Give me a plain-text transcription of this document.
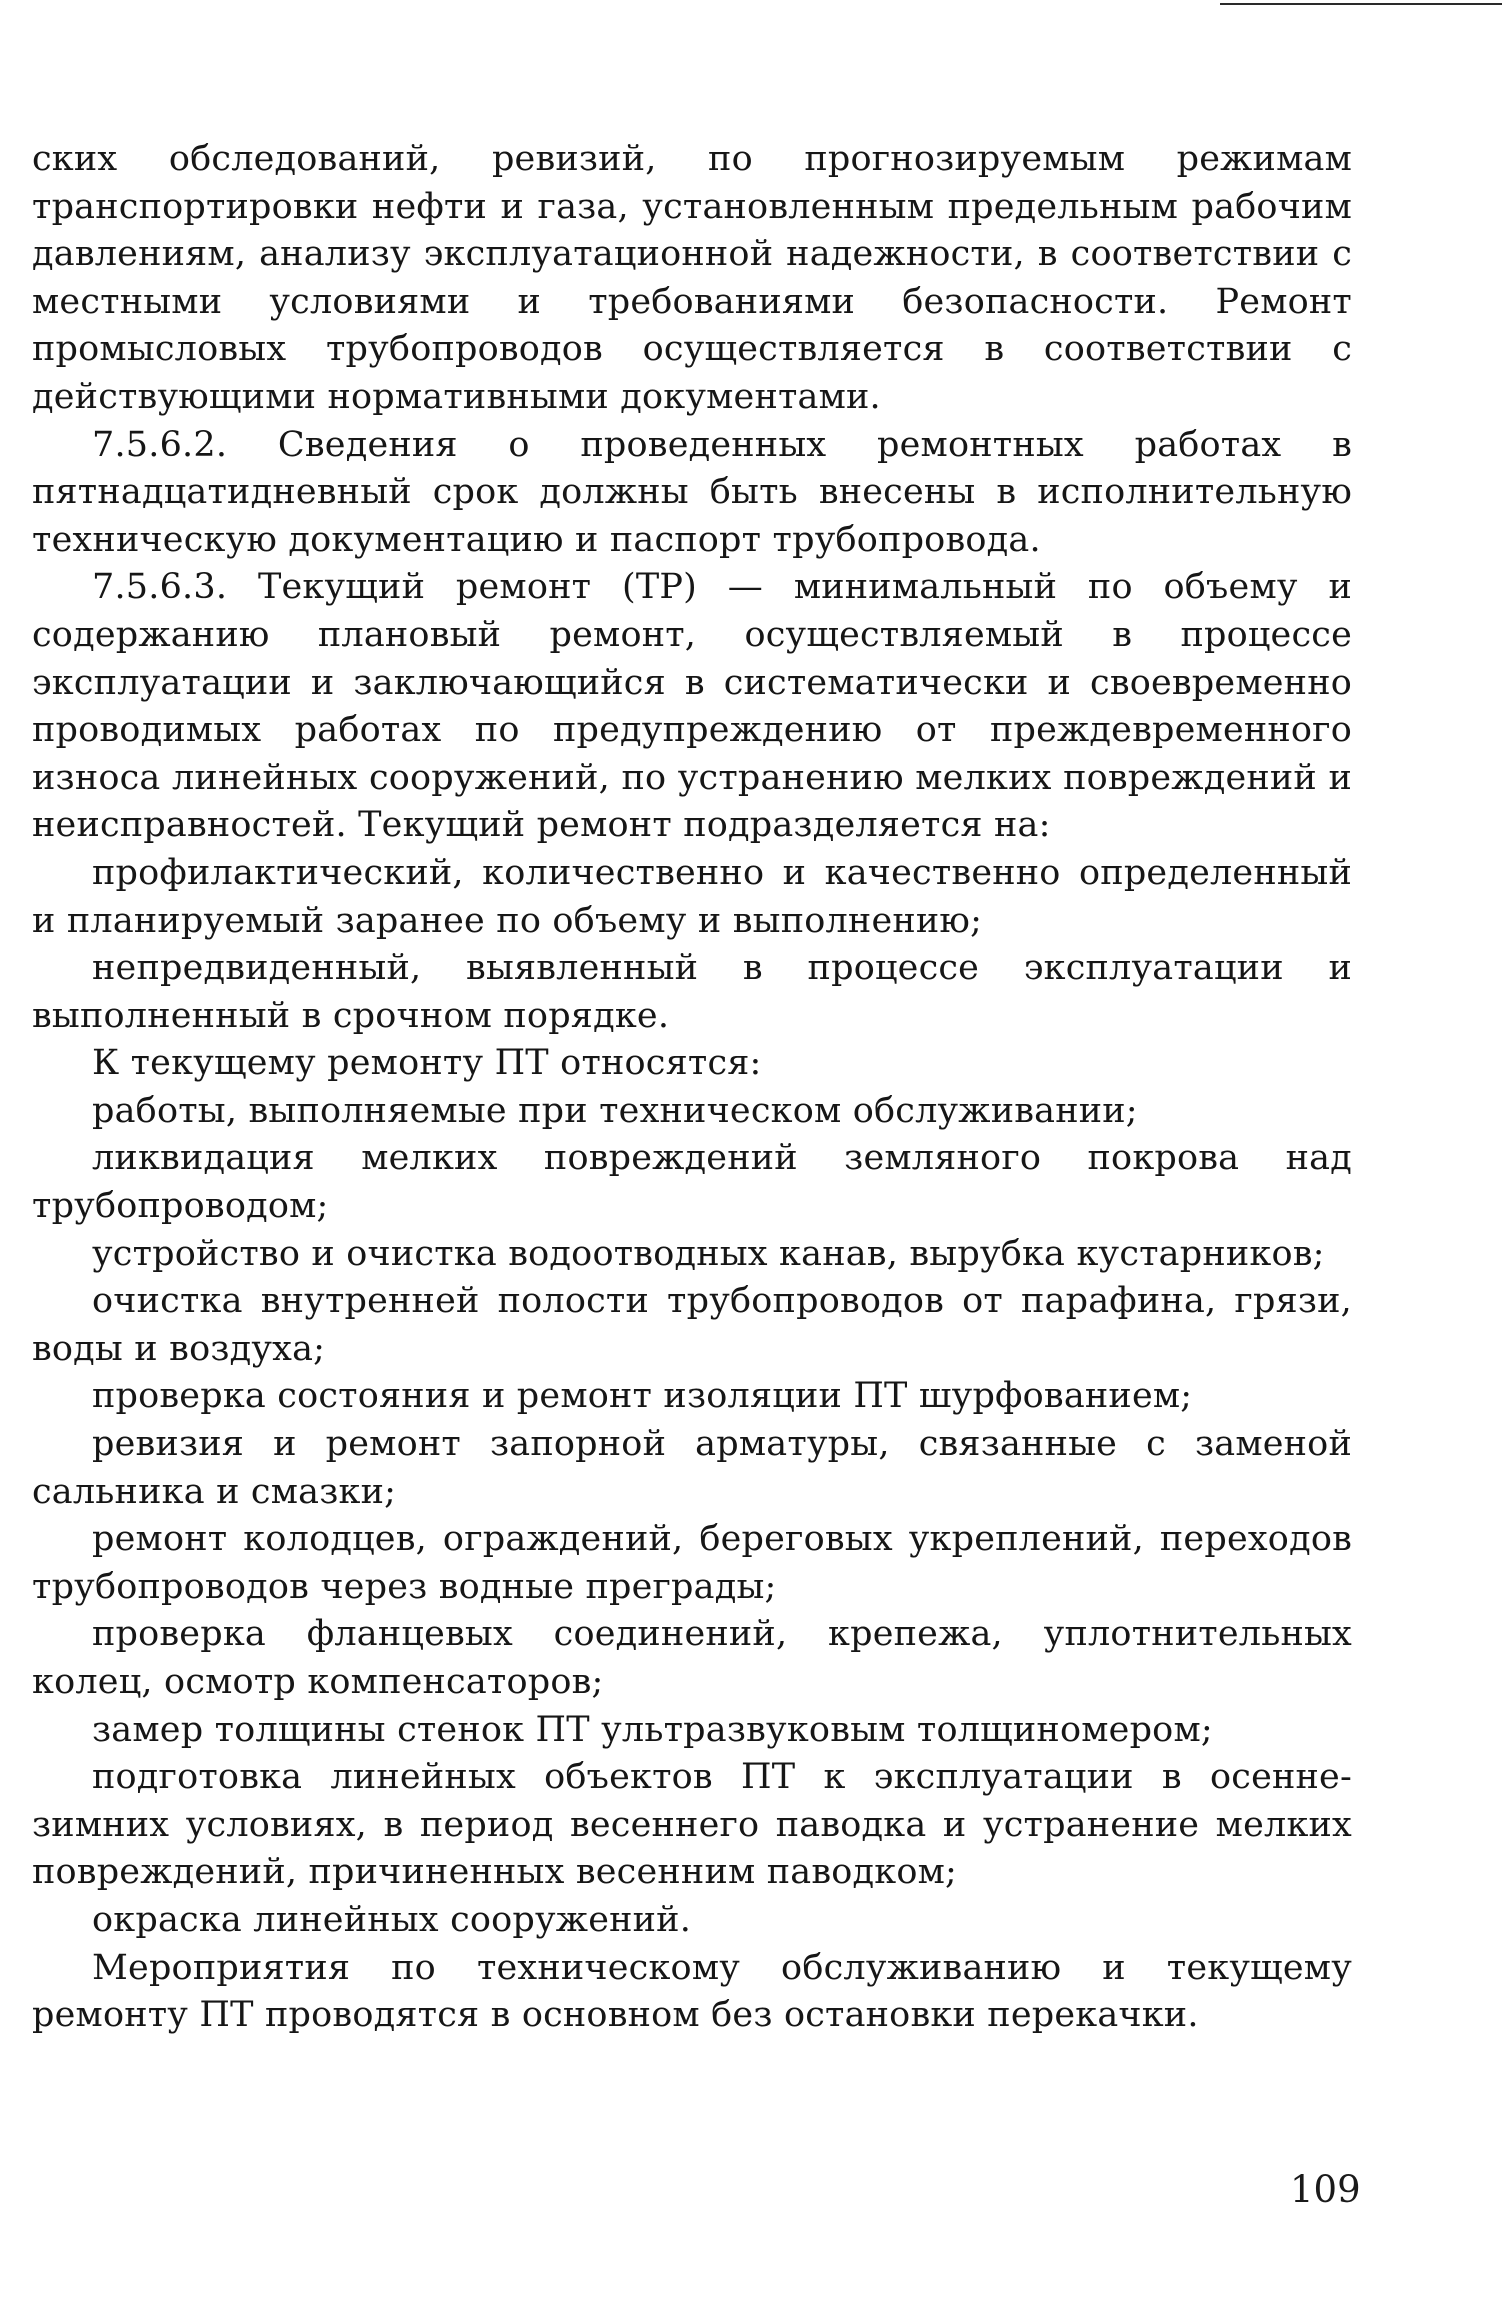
ских обследований, ревизий, по прогнозируемым режимам транспортировки нефти и газа, установленным предельным рабочим давлениям, анализу эксплуатационной надежности, в соответствии с местными условиями и требованиями безопасности. Ремонт промысловых трубопроводов осуществляется в соответствии с действующими нормативными документами.

7.5.6.2. Сведения о проведенных ремонтных работах в пятнадцатидневный срок должны быть внесены в исполнительную техническую документацию и паспорт трубопровода.

7.5.6.3. Текущий ремонт (ТР) — минимальный по объему и содержанию плановый ремонт, осуществляемый в процессе эксплуатации и заключающийся в систематически и своевременно проводимых работах по предупреждению от преждевременного износа линейных сооружений, по устранению мелких повреждений и неисправностей. Текущий ремонт подразделяется на:

профилактический, количественно и качественно определенный и планируемый заранее по объему и выполнению;

непредвиденный, выявленный в процессе эксплуатации и выполненный в срочном порядке.

К текущему ремонту ПТ относятся:

работы, выполняемые при техническом обслуживании;

ликвидация мелких повреждений земляного покрова над трубопроводом;

устройство и очистка водоотводных канав, вырубка кустарников;

очистка внутренней полости трубопроводов от парафина, грязи, воды и воздуха;

проверка состояния и ремонт изоляции ПТ шурфованием;

ревизия и ремонт запорной арматуры, связанные с заменой сальника и смазки;

ремонт колодцев, ограждений, береговых укреплений, переходов трубопроводов через водные преграды;

проверка фланцевых соединений, крепежа, уплотнительных колец, осмотр компенсаторов;

замер толщины стенок ПТ ультразвуковым толщиномером;

подготовка линейных объектов ПТ к эксплуатации в осенне-зимних условиях, в период весеннего паводка и устранение мелких повреждений, причиненных весенним паводком;

окраска линейных сооружений.

Мероприятия по техническому обслуживанию и текущему ремонту ПТ проводятся в основном без остановки перекачки.

109
